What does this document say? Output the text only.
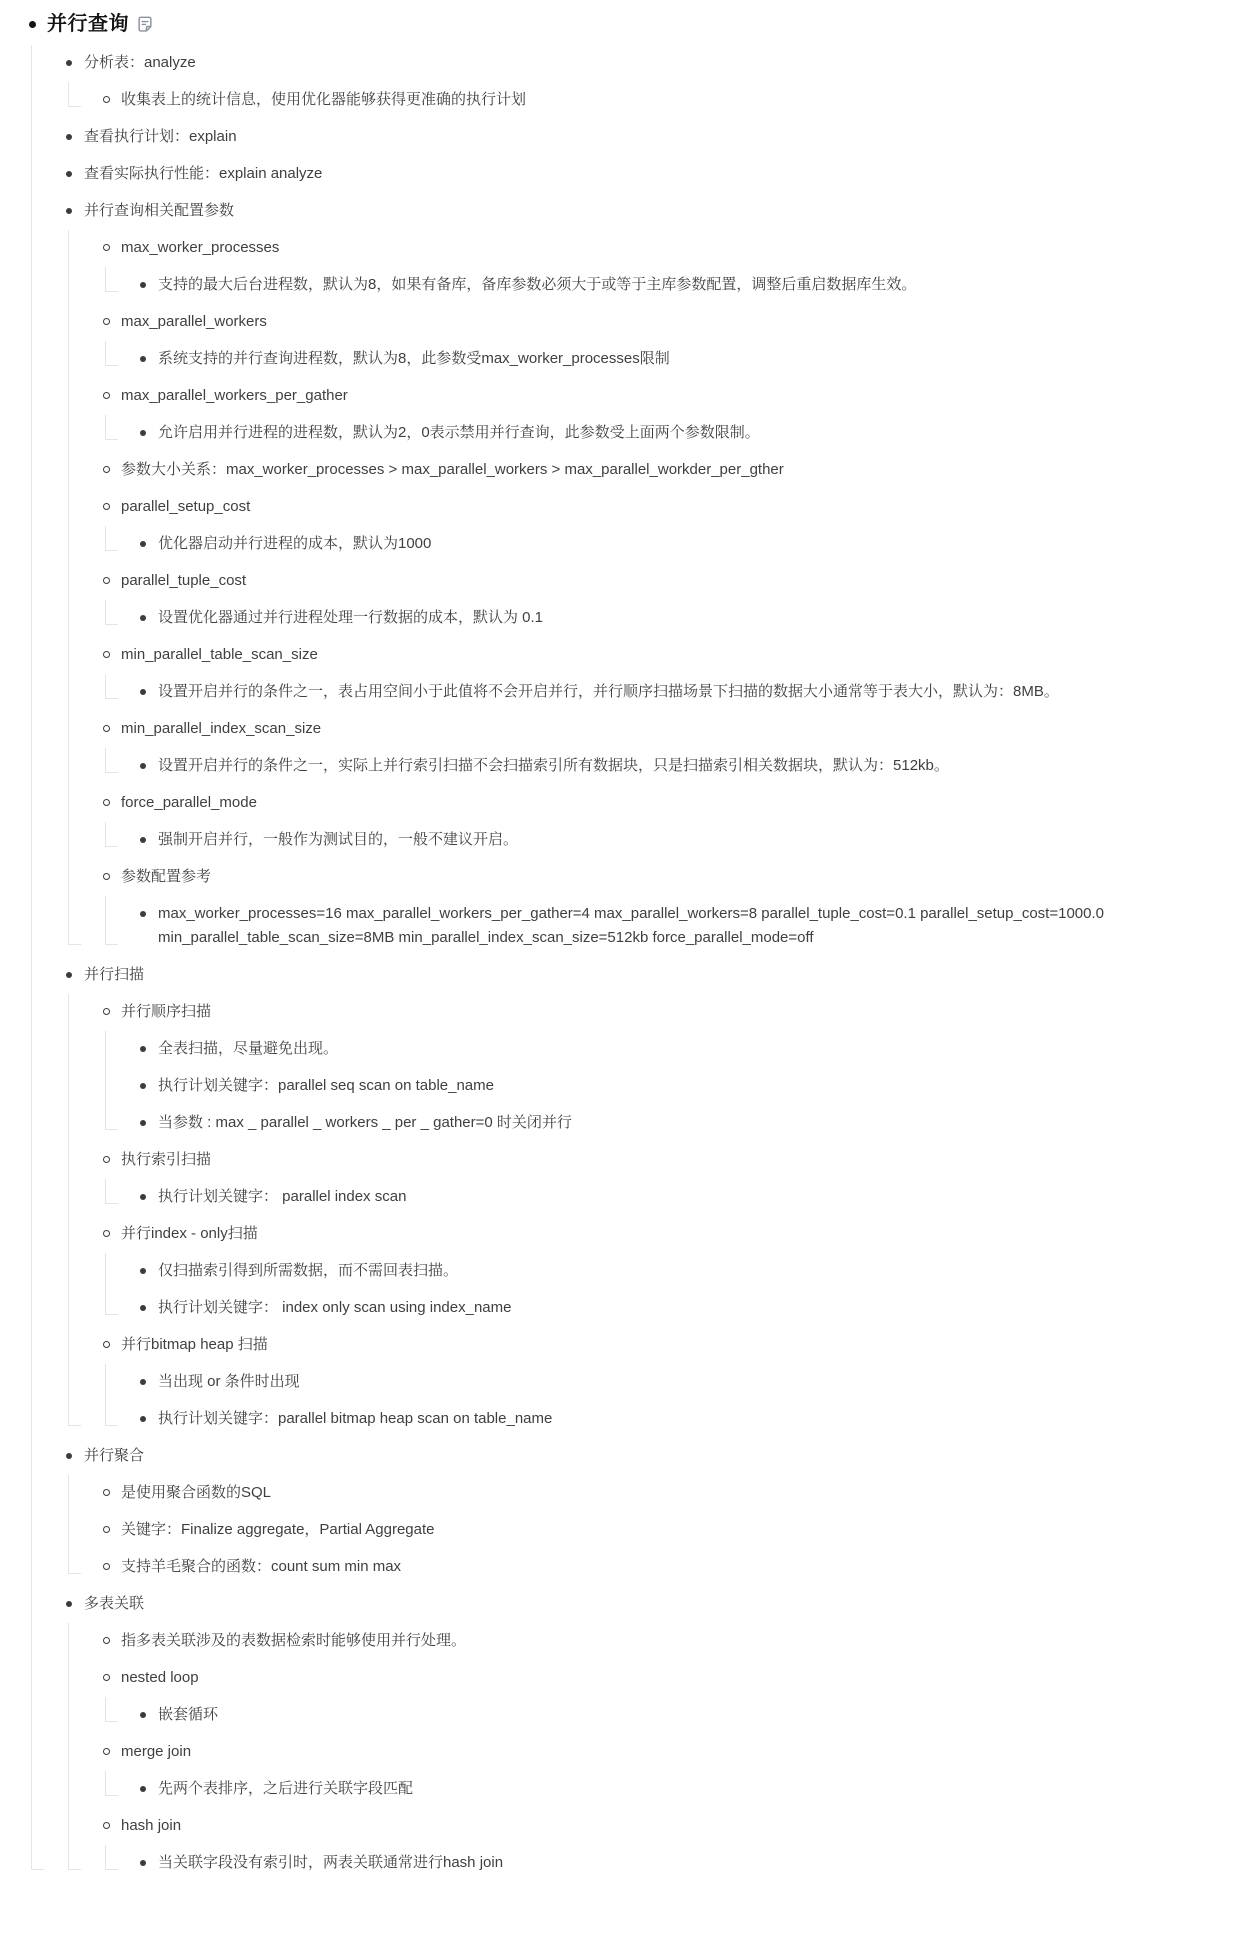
并行查询
分析表：analyze
收集表上的统计信息，使用优化器能够获得更准确的执行计划
查看执行计划：explain
查看实际执行性能：explain analyze
并行查询相关配置参数
max_worker_processes
支持的最大后台进程数，默认为8，如果有备库，备库参数必须大于或等于主库参数配置，调整后重启数据库生效。
max_parallel_workers
系统支持的并行查询进程数，默认为8，此参数受max_worker_processes限制
max_parallel_workers_per_gather
允许启用并行进程的进程数，默认为2，0表示禁用并行查询，此参数受上面两个参数限制。
参数大小关系：max_worker_processes > max_parallel_workers > max_parallel_workder_per_gther
parallel_setup_cost
优化器启动并行进程的成本，默认为1000
parallel_tuple_cost
设置优化器通过并行进程处理一行数据的成本，默认为 0.1
min_parallel_table_scan_size
设置开启并行的条件之一，表占用空间小于此值将不会开启并行，并行顺序扫描场景下扫描的数据大小通常等于表大小，默认为：8MB。
min_parallel_index_scan_size
设置开启并行的条件之一，实际上并行索引扫描不会扫描索引所有数据块，只是扫描索引相关数据块，默认为：512kb。
force_parallel_mode
强制开启并行，一般作为测试目的，一般不建议开启。
参数配置参考
max_worker_processes=16 max_parallel_workers_per_gather=4 max_parallel_workers=8 parallel_tuple_cost=0.1 parallel_setup_cost=1000.0 min_parallel_table_scan_size=8MB min_parallel_index_scan_size=512kb force_parallel_mode=off
并行扫描
并行顺序扫描
全表扫描，尽量避免出现。
执行计划关键字：parallel seq scan on table_name
当参数 : max _ parallel _ workers _ per _ gather=0 时关闭并行
执行索引扫描
执行计划关键字： parallel index scan
并行index - only扫描
仅扫描索引得到所需数据，而不需回表扫描。
执行计划关键字： index only scan using index_name
并行bitmap heap 扫描
当出现 or 条件时出现
执行计划关键字：parallel bitmap heap scan on table_name
并行聚合
是使用聚合函数的SQL
关键字：Finalize aggregate，Partial Aggregate
支持羊毛聚合的函数：count sum min max
多表关联
指多表关联涉及的表数据检索时能够使用并行处理。
nested loop
嵌套循环
merge join
先两个表排序，之后进行关联字段匹配
hash join
当关联字段没有索引时，两表关联通常进行hash join
